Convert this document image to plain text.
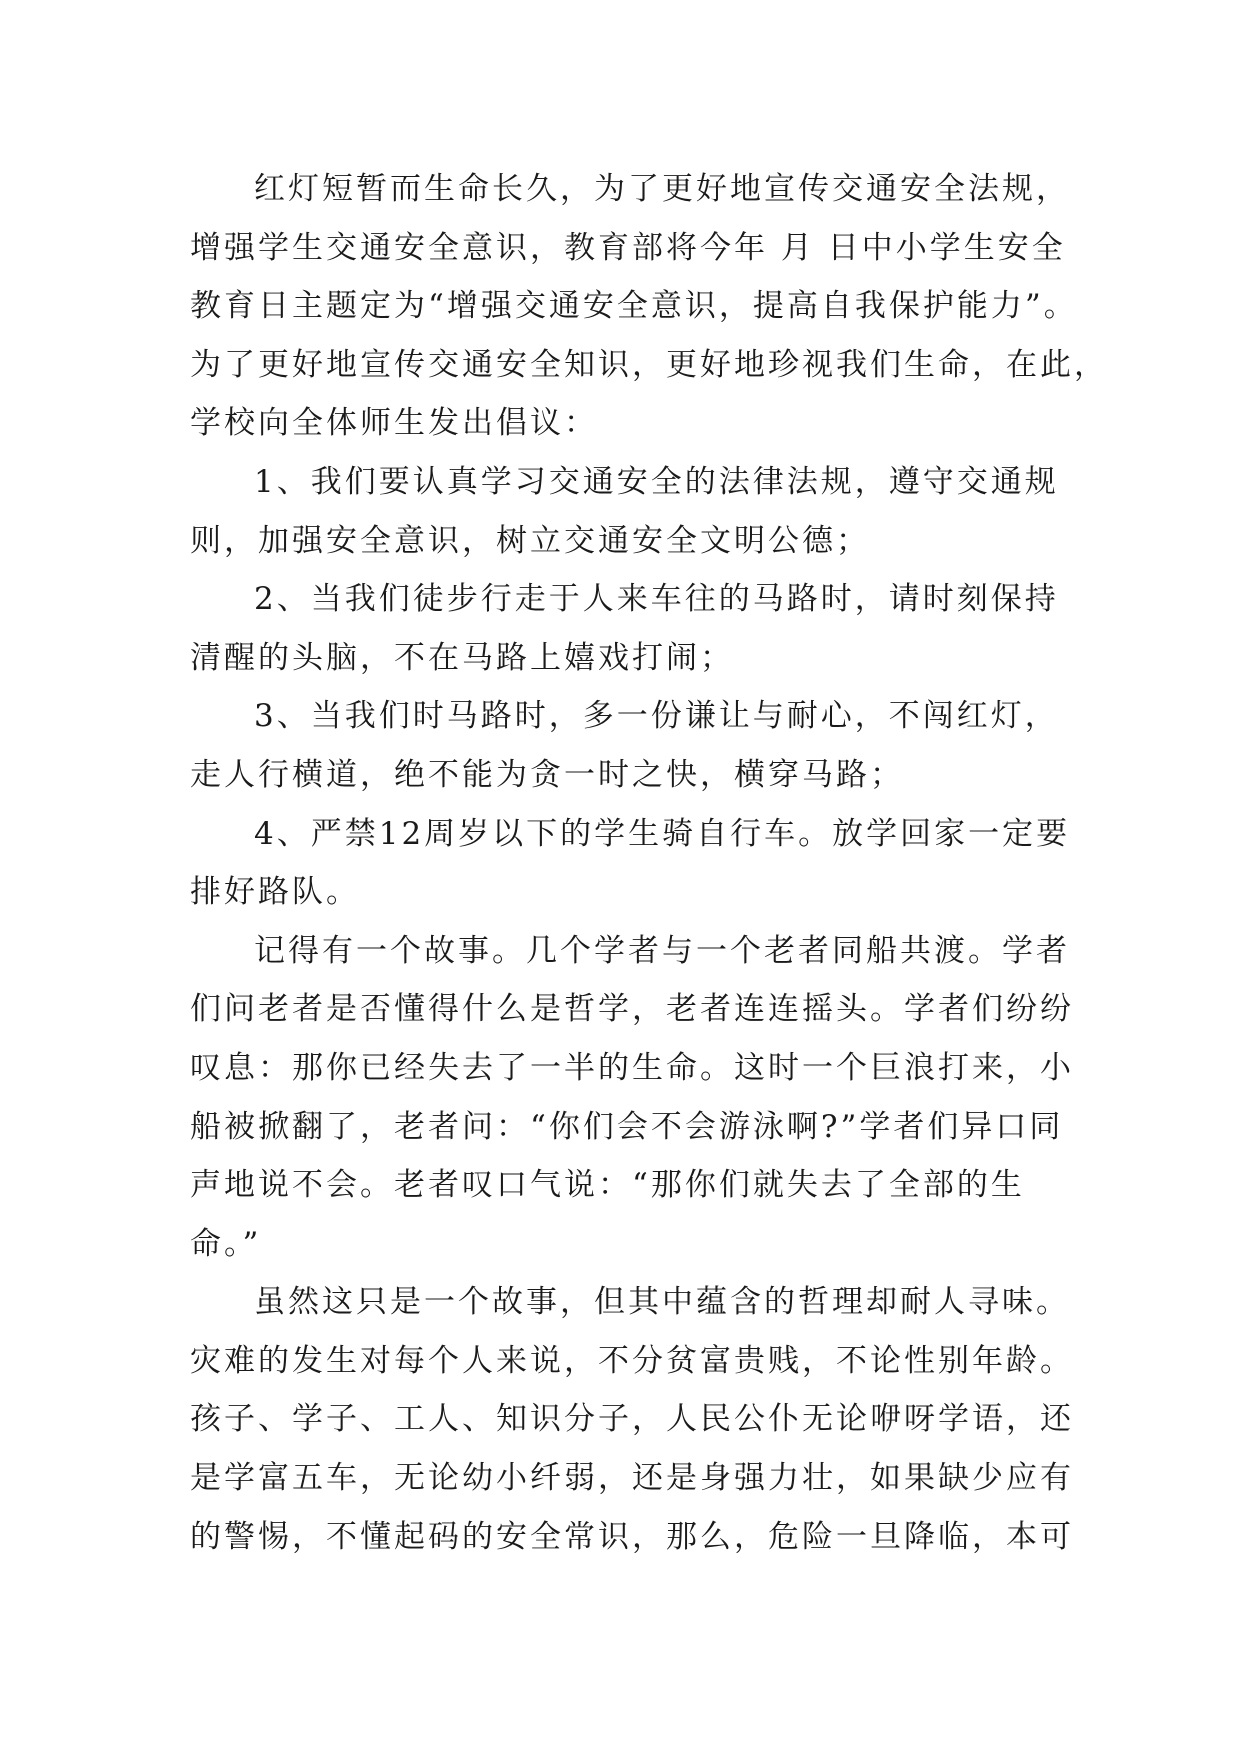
红灯短暂而生命长久，为了更好地宣传交通安全法规，
增强学生交通安全意识，教育部将今年 月 日中小学生安全
教育日主题定为“增强交通安全意识，提高自我保护能力”。
为了更好地宣传交通安全知识，更好地珍视我们生命，在此，
学校向全体师生发出倡议：
1、我们要认真学习交通安全的法律法规，遵守交通规
则，加强安全意识，树立交通安全文明公德；
2、当我们徒步行走于人来车往的马路时，请时刻保持
清醒的头脑，不在马路上嬉戏打闹；
3、当我们时马路时，多一份谦让与耐心，不闯红灯，
走人行横道，绝不能为贪一时之快，横穿马路；
4、严禁12周岁以下的学生骑自行车。放学回家一定要
排好路队。
记得有一个故事。几个学者与一个老者同船共渡。学者
们问老者是否懂得什么是哲学，老者连连摇头。学者们纷纷
叹息：那你已经失去了一半的生命。这时一个巨浪打来，小
船被掀翻了，老者问：“你们会不会游泳啊?”学者们异口同
声地说不会。老者叹口气说：“那你们就失去了全部的生
命。”
虽然这只是一个故事，但其中蕴含的哲理却耐人寻味。
灾难的发生对每个人来说，不分贫富贵贱，不论性别年龄。
孩子、学子、工人、知识分子，人民公仆无论咿呀学语，还
是学富五车，无论幼小纤弱，还是身强力壮，如果缺少应有
的警惕，不懂起码的安全常识，那么，危险一旦降临，本可
